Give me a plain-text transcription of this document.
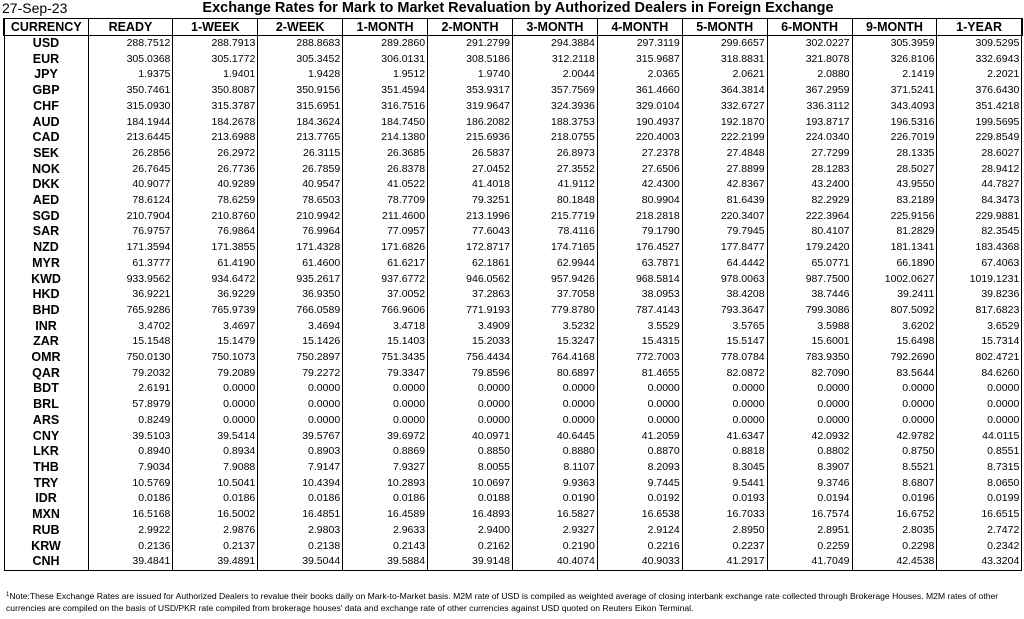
27-Sep-23	Exchange Rates for Mark to Market Revaluation by Authorized Dealers in Foreign Exchange
CURRENCY	READY	1-WEEK	2-WEEK	1-MONTH	2-MONTH	3-MONTH	4-MONTH	5-MONTH	6-MONTH	9-MONTH	1-YEAR
USD	288.7512	288.7913	288.8683	289.2860	291.2799	294.3884	297.3119	299.6657	302.0227	305.3959	309.5295
EUR	305.0368	305.1772	305.3452	306.0131	308.5186	312.2118	315.9687	318.8831	321.8078	326.8106	332.6943
JPY	1.9375	1.9401	1.9428	1.9512	1.9740	2.0044	2.0365	2.0621	2.0880	2.1419	2.2021
GBP	350.7461	350.8087	350.9156	351.4594	353.9317	357.7569	361.4660	364.3814	367.2959	371.5241	376.6430
CHF	315.0930	315.3787	315.6951	316.7516	319.9647	324.3936	329.0104	332.6727	336.3112	343.4093	351.4218
AUD	184.1944	184.2678	184.3624	184.7450	186.2082	188.3753	190.4937	192.1870	193.8717	196.5316	199.5695
CAD	213.6445	213.6988	213.7765	214.1380	215.6936	218.0755	220.4003	222.2199	224.0340	226.7019	229.8549
SEK	26.2856	26.2972	26.3115	26.3685	26.5837	26.8973	27.2378	27.4848	27.7299	28.1335	28.6027
NOK	26.7645	26.7736	26.7859	26.8378	27.0452	27.3552	27.6506	27.8899	28.1283	28.5027	28.9412
DKK	40.9077	40.9289	40.9547	41.0522	41.4018	41.9112	42.4300	42.8367	43.2400	43.9550	44.7827
AED	78.6124	78.6259	78.6503	78.7709	79.3251	80.1848	80.9904	81.6439	82.2929	83.2189	84.3473
SGD	210.7904	210.8760	210.9942	211.4600	213.1996	215.7719	218.2818	220.3407	222.3964	225.9156	229.9881
SAR	76.9757	76.9864	76.9964	77.0957	77.6043	78.4116	79.1790	79.7945	80.4107	81.2829	82.3545
NZD	171.3594	171.3855	171.4328	171.6826	172.8717	174.7165	176.4527	177.8477	179.2420	181.1341	183.4368
MYR	61.3777	61.4190	61.4600	61.6217	62.1861	62.9944	63.7871	64.4442	65.0771	66.1890	67.4063
KWD	933.9562	934.6472	935.2617	937.6772	946.0562	957.9426	968.5814	978.0063	987.7500	1002.0627	1019.1231
HKD	36.9221	36.9229	36.9350	37.0052	37.2863	37.7058	38.0953	38.4208	38.7446	39.2411	39.8236
BHD	765.9286	765.9739	766.0589	766.9606	771.9193	779.8780	787.4143	793.3647	799.3086	807.5092	817.6823
INR	3.4702	3.4697	3.4694	3.4718	3.4909	3.5232	3.5529	3.5765	3.5988	3.6202	3.6529
ZAR	15.1548	15.1479	15.1426	15.1403	15.2033	15.3247	15.4315	15.5147	15.6001	15.6498	15.7314
OMR	750.0130	750.1073	750.2897	751.3435	756.4434	764.4168	772.7003	778.0784	783.9350	792.2690	802.4721
QAR	79.2032	79.2089	79.2272	79.3347	79.8596	80.6897	81.4655	82.0872	82.7090	83.5644	84.6260
BDT	2.6191	0.0000	0.0000	0.0000	0.0000	0.0000	0.0000	0.0000	0.0000	0.0000	0.0000
BRL	57.8979	0.0000	0.0000	0.0000	0.0000	0.0000	0.0000	0.0000	0.0000	0.0000	0.0000
ARS	0.8249	0.0000	0.0000	0.0000	0.0000	0.0000	0.0000	0.0000	0.0000	0.0000	0.0000
CNY	39.5103	39.5414	39.5767	39.6972	40.0971	40.6445	41.2059	41.6347	42.0932	42.9782	44.0115
LKR	0.8940	0.8934	0.8903	0.8869	0.8850	0.8880	0.8870	0.8818	0.8802	0.8750	0.8551
THB	7.9034	7.9088	7.9147	7.9327	8.0055	8.1107	8.2093	8.3045	8.3907	8.5521	8.7315
TRY	10.5769	10.5041	10.4394	10.2893	10.0697	9.9363	9.7445	9.5441	9.3746	8.6807	8.0650
IDR	0.0186	0.0186	0.0186	0.0186	0.0188	0.0190	0.0192	0.0193	0.0194	0.0196	0.0199
MXN	16.5168	16.5002	16.4851	16.4589	16.4893	16.5827	16.6538	16.7033	16.7574	16.6752	16.6515
RUB	2.9922	2.9876	2.9803	2.9633	2.9400	2.9327	2.9124	2.8950	2.8951	2.8035	2.7472
KRW	0.2136	0.2137	0.2138	0.2143	0.2162	0.2190	0.2216	0.2237	0.2259	0.2298	0.2342
CNH	39.4841	39.4891	39.5044	39.5884	39.9148	40.4074	40.9033	41.2917	41.7049	42.4538	43.3204
$^1$Note:These Exchange Rates are issued for Authorized Dealers to revalue their books daily on Mark-to-Market basis. M2M rate of USD is compiled as weighted average of closing interbank exchange rate collected through Brokerage Houses. M2M rates of other currencies are compiled on the basis of USD/PKR rate compiled from brokerage houses' data and exchange rate of other currencies against USD quoted on Reuters Eikon Terminal.
